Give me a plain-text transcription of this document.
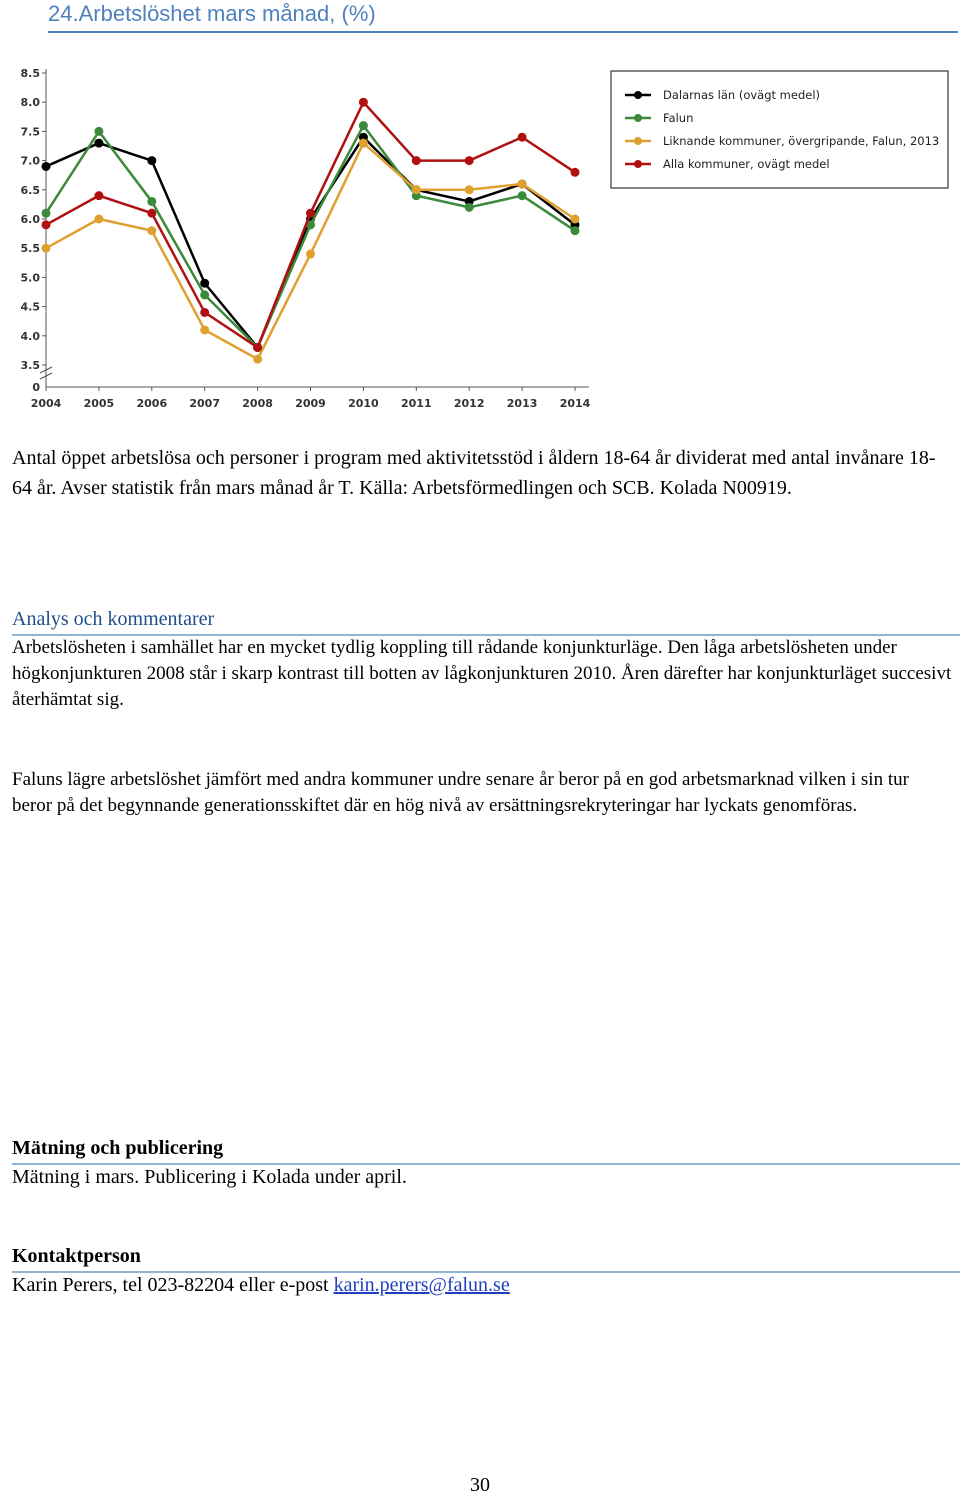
24.Arbetslöshet mars månad, (%)
8.5
8.0
7.5
7.0
6.5
6.0
5.5
5.0
4.5
4.0
3.5
0
2004 2005 2006 2007 2008 2009 2010 2011 2012 2013 2014
Dalarnas län (ovägt medel)
Falun
Liknande kommuner, övergripande, Falun, 2013
Alla kommuner, ovägt medel
Antal öppet arbetslösa och personer i program med aktivitetsstöd i åldern 18-64 år dividerat med antal invånare 18-64 år. Avser statistik från mars månad år T. Källa: Arbetsförmedlingen och SCB. Kolada N00919.
Analys och kommentarer
Arbetslösheten i samhället har en mycket tydlig koppling till rådande konjunkturläge. Den låga arbetslösheten under högkonjunkturen 2008 står i skarp kontrast till botten av lågkonjunkturen 2010. Åren därefter har konjunkturläget succesivt återhämtat sig.
Faluns lägre arbetslöshet jämfört med andra kommuner undre senare år beror på en god arbetsmarknad vilken i sin tur beror på det begynnande generationsskiftet där en hög nivå av ersättningsrekryteringar har lyckats genomföras.
Mätning och publicering
Mätning i mars. Publicering i Kolada under april.
Kontaktperson
Karin Perers, tel 023-82204 eller e-post karin.perers@falun.se
30
